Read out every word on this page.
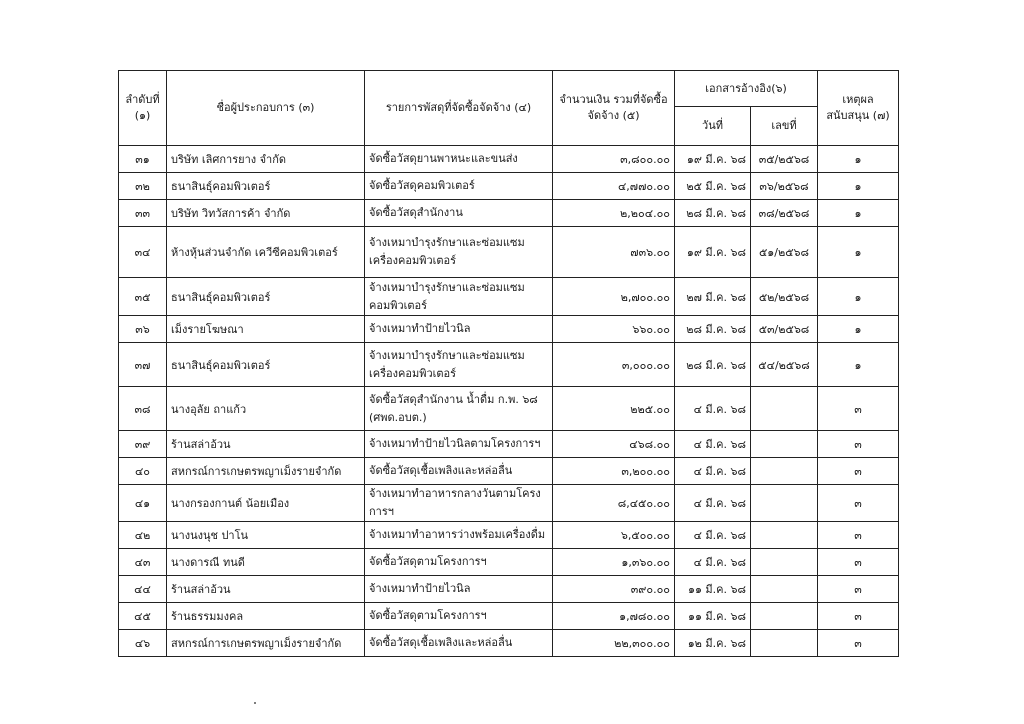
ลำดับที่ (๑)	ชื่อผู้ประกอบการ (๓)	รายการพัสดุที่จัดซื้อจัดจ้าง (๔)	จำนวนเงิน รวมที่จัดซื้อ จัดจ้าง (๕)	เอกสารอ้างอิง(๖)		เหตุผล สนับสนุน (๗)
				วันที่	เลขที่	
๓๑	บริษัท เลิศการยาง จำกัด	จัดซื้อวัสดุยานพาหนะและขนส่ง	๓,๘๐๐.๐๐	๑๙ มี.ค. ๖๘	๓๕/๒๕๖๘	๑
๓๒	ธนาสินธุ์คอมพิวเตอร์	จัดซื้อวัสดุคอมพิวเตอร์	๔,๗๗๐.๐๐	๒๕ มี.ค. ๖๘	๓๖/๒๕๖๘	๑
๓๓	บริษัท วิทวัสการค้า จำกัด	จัดซื้อวัสดุสำนักงาน	๒,๒๐๔.๐๐	๒๘ มี.ค. ๖๘	๓๘/๒๕๖๘	๑
๓๔	ห้างหุ้นส่วนจำกัด เควีซีคอมพิวเตอร์	จ้างเหมาบำรุงรักษาและซ่อมแซมเครื่องคอมพิวเตอร์	๗๓๖.๐๐	๑๙ มี.ค. ๖๘	๕๑/๒๕๖๘	๑
๓๕	ธนาสินธุ์คอมพิวเตอร์	จ้างเหมาบำรุงรักษาและซ่อมแซมคอมพิวเตอร์	๒,๗๐๐.๐๐	๒๗ มี.ค. ๖๘	๕๒/๒๕๖๘	๑
๓๖	เม็งรายโฆษณา	จ้างเหมาทำป้ายไวนิล	๖๖๐.๐๐	๒๘ มี.ค. ๖๘	๕๓/๒๕๖๘	๑
๓๗	ธนาสินธุ์คอมพิวเตอร์	จ้างเหมาบำรุงรักษาและซ่อมแซมเครื่องคอมพิวเตอร์	๓,๐๐๐.๐๐	๒๘ มี.ค. ๖๘	๕๔/๒๕๖๘	๑
๓๘	นางอุลัย ถาแก้ว	จัดซื้อวัสดุสำนักงาน น้ำดื่ม ก.พ. ๖๘ (ศพด.อบต.)	๒๒๕.๐๐	๔ มี.ค. ๖๘		๓
๓๙	ร้านสล่าอ้วน	จ้างเหมาทำป้ายไวนิลตามโครงการฯ	๔๖๘.๐๐	๔ มี.ค. ๖๘		๓
๔๐	สหกรณ์การเกษตรพญาเม็งรายจำกัด	จัดซื้อวัสดุเชื้อเพลิงและหล่อลื่น	๓,๒๐๐.๐๐	๔ มี.ค. ๖๘		๓
๔๑	นางกรองกานต์ น้อยเมือง	จ้างเหมาทำอาหารกลางวันตามโครงการฯ	๘,๔๕๐.๐๐	๔ มี.ค. ๖๘		๓
๔๒	นางนงนุช ปาโน	จ้างเหมาทำอาหารว่างพร้อมเครื่องดื่ม	๖,๕๐๐.๐๐	๔ มี.ค. ๖๘		๓
๔๓	นางดารณี ทนดี	จัดซื้อวัสดุตามโครงการฯ	๑,๓๖๐.๐๐	๔ มี.ค. ๖๘		๓
๔๔	ร้านสล่าอ้วน	จ้างเหมาทำป้ายไวนิล	๓๙๐.๐๐	๑๑ มี.ค. ๖๘		๓
๔๕	ร้านธรรมมงคล	จัดซื้อวัสดุตามโครงการฯ	๑,๗๘๐.๐๐	๑๑ มี.ค. ๖๘		๓
๔๖	สหกรณ์การเกษตรพญาเม็งรายจำกัด	จัดซื้อวัสดุเชื้อเพลิงและหล่อลื่น	๒๒,๓๐๐.๐๐	๑๒ มี.ค. ๖๘		๓
